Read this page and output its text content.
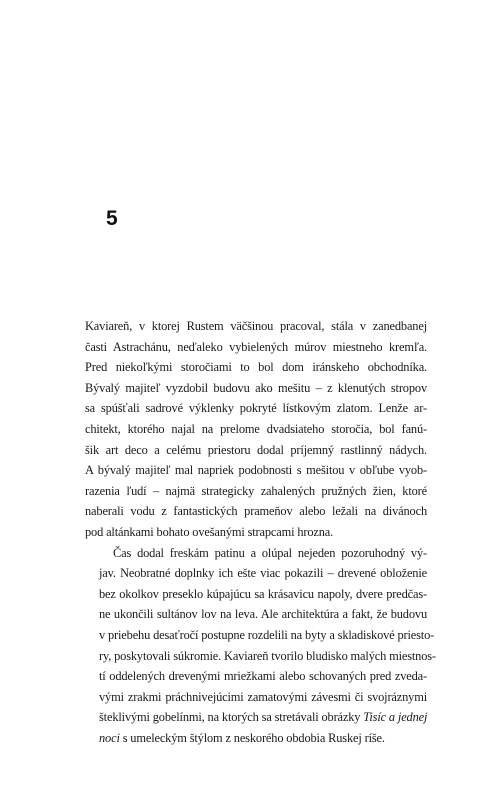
5

Kaviareň, v ktorej Rustem väčšinou pracoval, stála v zanedbanej
časti Astrachánu, neďaleko vybielených múrov miestneho kremľa.
Pred niekoľkými storočiami to bol dom iránskeho obchodníka.
Bývalý majiteľ vyzdobil budovu ako mešitu – z klenutých stropov
sa spúšťali sadrové výklenky pokryté lístkovým zlatom. Lenže ar-
chitekt, ktorého najal na prelome dvadsiateho storočia, bol fanú-
šik art deco a celému priestoru dodal príjemný rastlinný nádych.
A bývalý majiteľ mal napriek podobnosti s mešitou v obľube vyob-
razenia ľudí – najmä strategicky zahalených pružných žien, ktoré
naberali vodu z fantastických prameňov alebo ležali na divánoch
pod altánkami bohato ovešanými strapcami hrozna.

Čas dodal freskám patinu a olúpal nejeden pozoruhodný vý-
jav. Neobratné doplnky ich ešte viac pokazili – drevené obloženie
bez okolkov preseklo kúpajúcu sa krásavicu napoly, dvere predčas-
ne ukončili sultánov lov na leva. Ale architektúra a fakt, že budovu
v priebehu desaťročí postupne rozdelili na byty a skladiskové priesto-
ry, poskytovali súkromie. Kaviareň tvorilo bludisko malých miestnos-
tí oddelených drevenými mriežkami alebo schovaných pred zveda-
vými zrakmi práchnivejúcimi zamatovými závesmi či svojráznymi
šteklivými gobelínmi, na ktorých sa stretávali obrázky Tisíc a jednej
noci s umeleckým štýlom z neskorého obdobia Ruskej ríše.
